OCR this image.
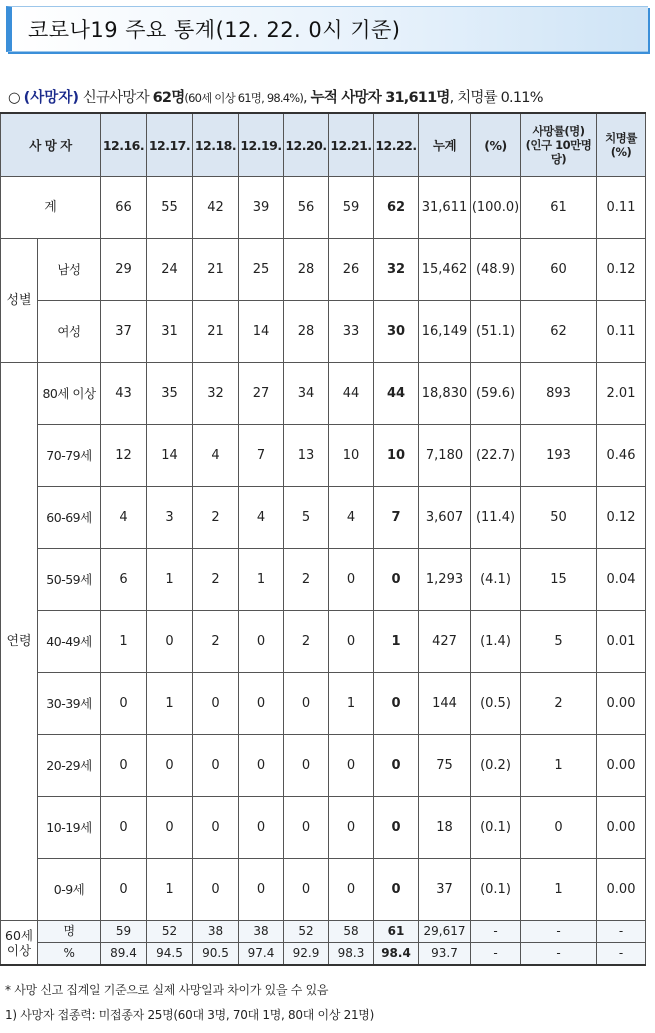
코로나19 주요 통계(12. 22. 0시 기준)
○ (사망자) 신규사망자 62명(60세 이상 61명, 98.4%), 누적 사망자 31,611명, 치명률 0.11%
사 망 자		12.16.	12.17.	12.18.	12.19.	12.20.	12.21.	12.22.	누계	(%)	사망률(명)
(인구 10만명당)	치명률
(%)
계		66	55	42	39	56	59	62	31,611	(100.0)	61	0.11
성별	남성	29	24	21	25	28	26	32	15,462	(48.9)	60	0.12
	여성	37	31	21	14	28	33	30	16,149	(51.1)	62	0.11
연령	80세 이상	43	35	32	27	34	44	44	18,830	(59.6)	893	2.01
	70-79세	12	14	4	7	13	10	10	7,180	(22.7)	193	0.46
	60-69세	4	3	2	4	5	4	7	3,607	(11.4)	50	0.12
	50-59세	6	1	2	1	2	0	0	1,293	(4.1)	15	0.04
	40-49세	1	0	2	0	2	0	1	427	(1.4)	5	0.01
	30-39세	0	1	0	0	0	1	0	144	(0.5)	2	0.00
	20-29세	0	0	0	0	0	0	0	75	(0.2)	1	0.00
	10-19세	0	0	0	0	0	0	0	18	(0.1)	0	0.00
	0-9세	0	1	0	0	0	0	0	37	(0.1)	1	0.00
60세
이상	명	59	52	38	38	52	58	61	29,617	-	-	-
	%	89.4	94.5	90.5	97.4	92.9	98.3	98.4	93.7	-	-	-
* 사망 신고 집계일 기준으로 실제 사망일과 차이가 있을 수 있음
1) 사망자 접종력: 미접종자 25명(60대 3명, 70대 1명, 80대 이상 21명)
